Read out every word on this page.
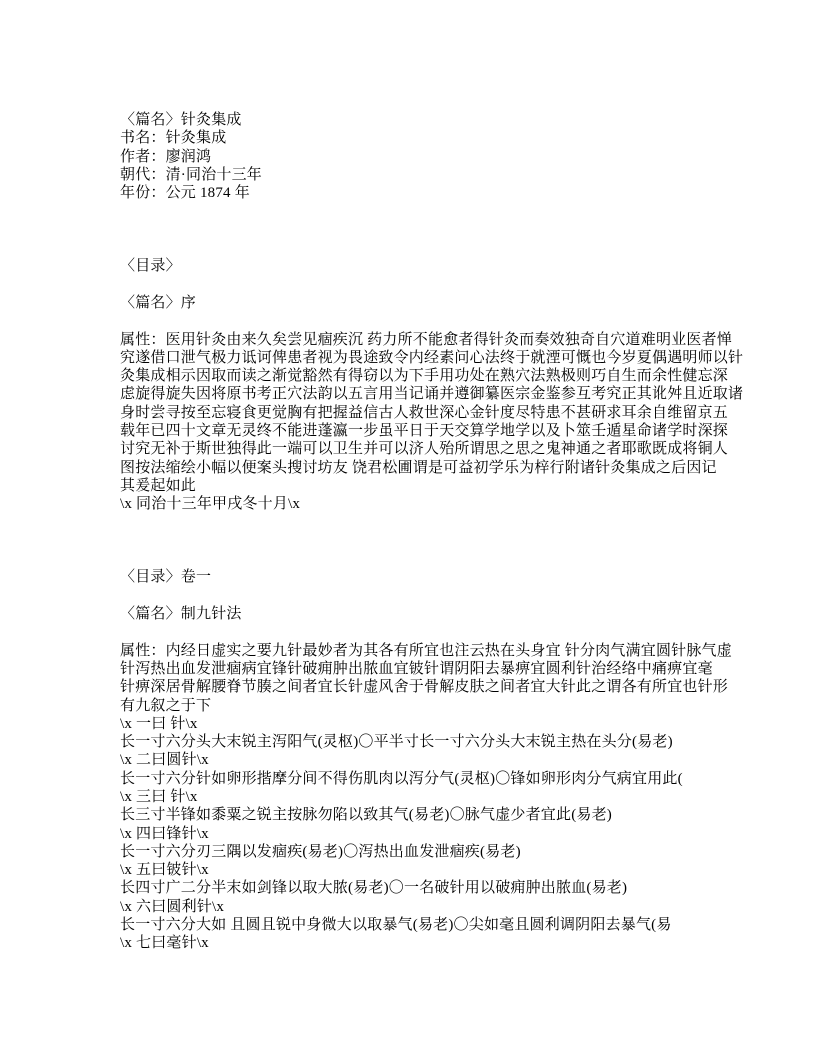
〈篇名〉针灸集成
书名：针灸集成
作者：廖润鸿
朝代：清·同治十三年
年份：公元 1874 年
〈目录〉
〈篇名〉序
属性：医用针灸由来久矣尝见痼疾沉 药力所不能愈者得针灸而奏效独奇自穴道难明业医者惮
究遂借口泄气极力诋诃俾患者视为畏途致令内经素问心法终于就湮可慨也今岁夏偶遇明师以针
灸集成相示因取而读之渐觉豁然有得窃以为下手用功处在熟穴法熟极则巧自生而余性健忘深
虑旋得旋失因将原书考正穴法韵以五言用当记诵并遵御纂医宗金鉴参互考究正其讹舛且近取诸
身时尝寻按至忘寝食更觉胸有把握益信古人救世深心金针度尽特患不甚研求耳余自维留京五
载年已四十文章无灵终不能进蓬瀛一步虽平日于天交算学地学以及卜筮壬遁星命诸学时深探
讨究无补于斯世独得此一端可以卫生并可以济人殆所谓思之思之鬼神通之者耶歌既成将铜人
图按法缩绘小幅以便案头搜讨坊友 饶君松圃谓是可益初学乐为梓行附诸针灸集成之后因记
其爰起如此
\x 同治十三年甲戌冬十月\x
〈目录〉卷一
〈篇名〉制九针法
属性：内经日虚实之要九针最妙者为其各有所宜也注云热在头身宜 针分肉气满宜圆针脉气虚
针泻热出血发泄痼病宜锋针破痈肿出脓血宜铍针谓阴阳去暴痹宜圆利针治经络中痛痹宜毫
针痹深居骨解腰脊节腠之间者宜长针虚风舍于骨解皮肤之间者宜大针此之谓各有所宜也针形
有九叙之于下
\x 一曰 针\x
长一寸六分头大末锐主泻阳气(灵枢)〇平半寸长一寸六分头大末锐主热在头分(易老)
\x 二曰圆针\x
长一寸六分针如卵形揩摩分间不得伤肌肉以泻分气(灵枢)〇锋如卵形肉分气病宜用此(
\x 三曰 针\x
长三寸半锋如黍粟之锐主按脉勿陷以致其气(易老)〇脉气虚少者宜此(易老)
\x 四曰锋针\x
长一寸六分刃三隅以发痼疾(易老)〇泻热出血发泄痼疾(易老)
\x 五曰铍针\x
长四寸广二分半末如剑锋以取大脓(易老)〇一名破针用以破痈肿出脓血(易老)
\x 六曰圆利针\x
长一寸六分大如 且圆且锐中身微大以取暴气(易老)〇尖如毫且圆利调阴阳去暴气(易
\x 七曰毫针\x
